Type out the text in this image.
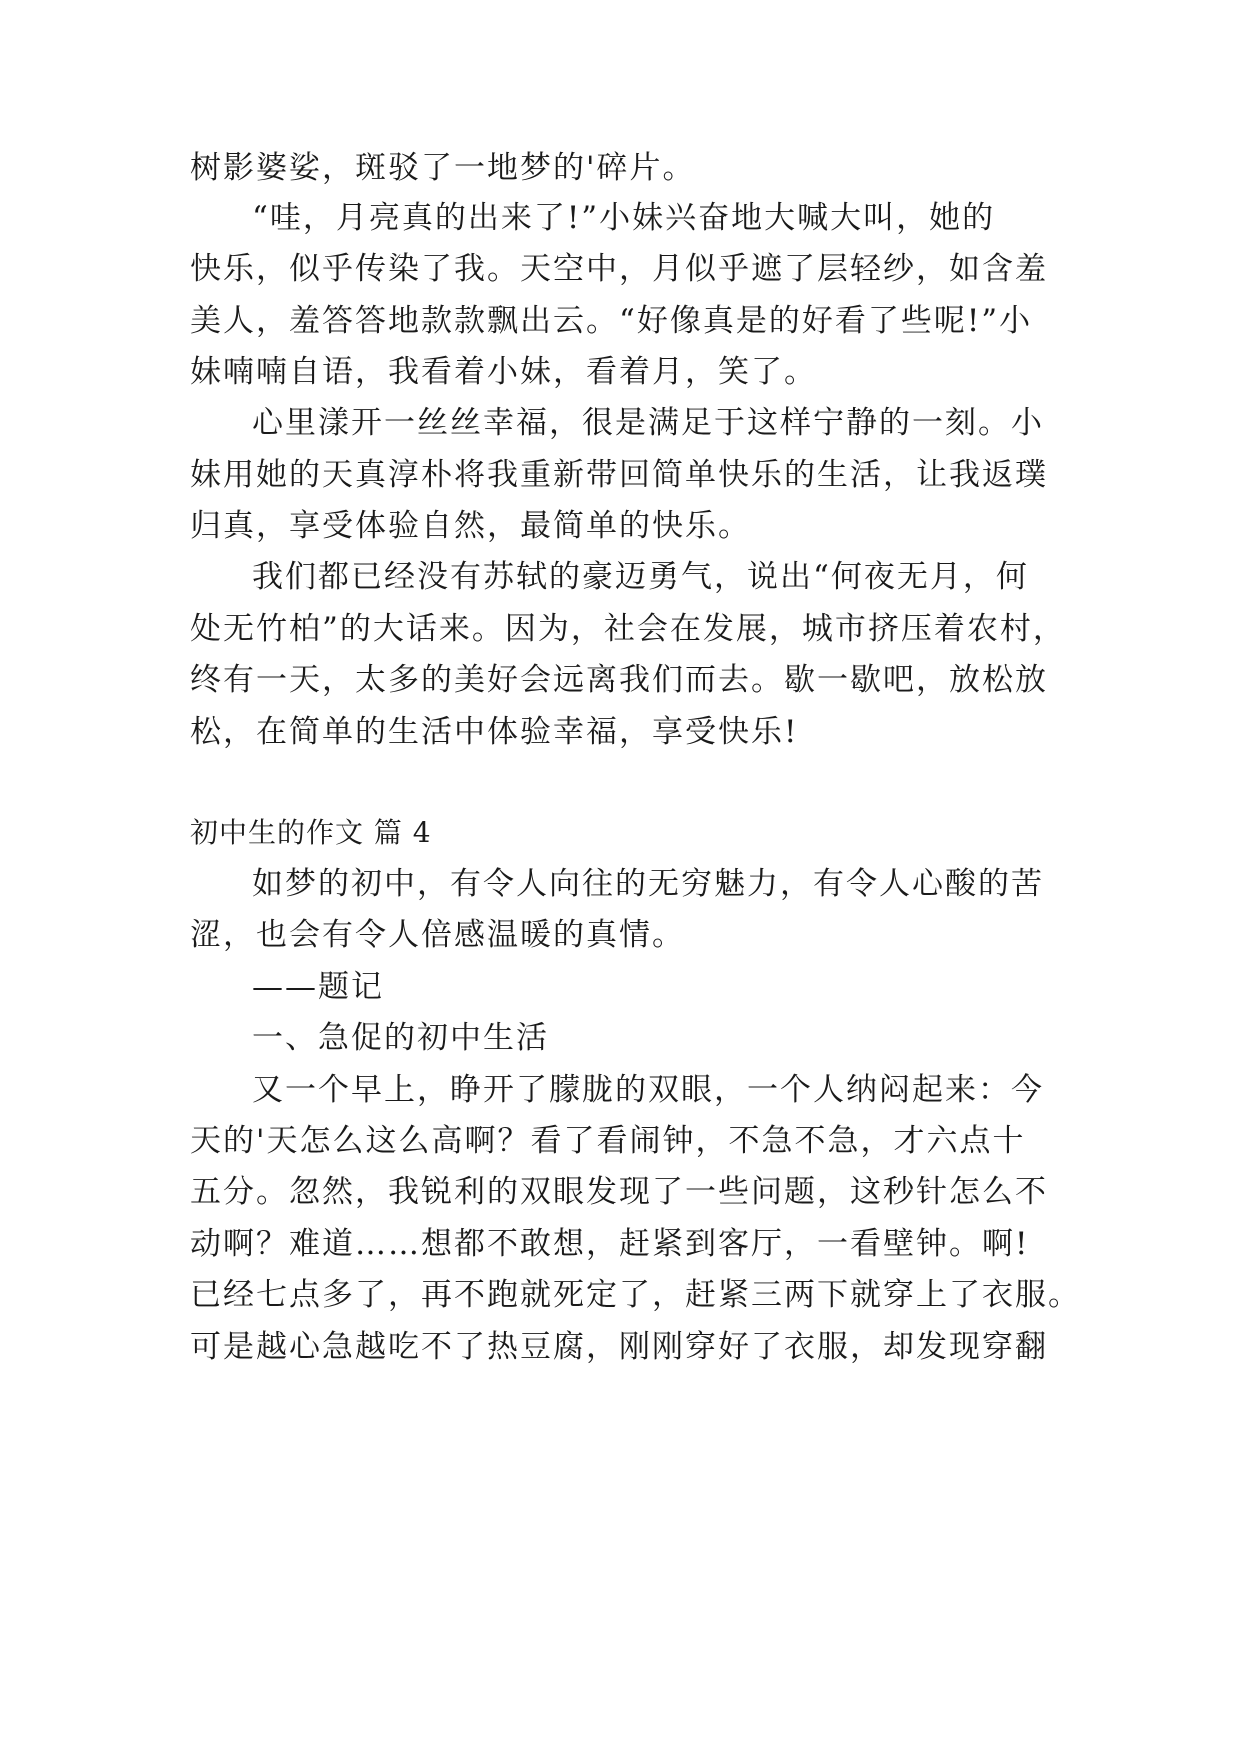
树影婆娑，斑驳了一地梦的'碎片。
“哇，月亮真的出来了!”小妹兴奋地大喊大叫，她的
快乐，似乎传染了我。天空中，月似乎遮了层轻纱，如含羞
美人，羞答答地款款飘出云。“好像真是的好看了些呢!”小
妹喃喃自语，我看着小妹，看着月，笑了。
心里漾开一丝丝幸福，很是满足于这样宁静的一刻。小
妹用她的天真淳朴将我重新带回简单快乐的生活，让我返璞
归真，享受体验自然，最简单的快乐。
我们都已经没有苏轼的豪迈勇气，说出“何夜无月，何
处无竹柏”的大话来。因为，社会在发展，城市挤压着农村，
终有一天，太多的美好会远离我们而去。歇一歇吧，放松放
松，在简单的生活中体验幸福，享受快乐!
初中生的作文 篇 4
如梦的初中，有令人向往的无穷魅力，有令人心酸的苦
涩，也会有令人倍感温暖的真情。
——题记
一、急促的初中生活
又一个早上，睁开了朦胧的双眼，一个人纳闷起来：今
天的'天怎么这么高啊？看了看闹钟，不急不急，才六点十
五分。忽然，我锐利的双眼发现了一些问题，这秒针怎么不
动啊？难道……想都不敢想，赶紧到客厅，一看壁钟。啊!
已经七点多了，再不跑就死定了，赶紧三两下就穿上了衣服。
可是越心急越吃不了热豆腐，刚刚穿好了衣服，却发现穿翻
